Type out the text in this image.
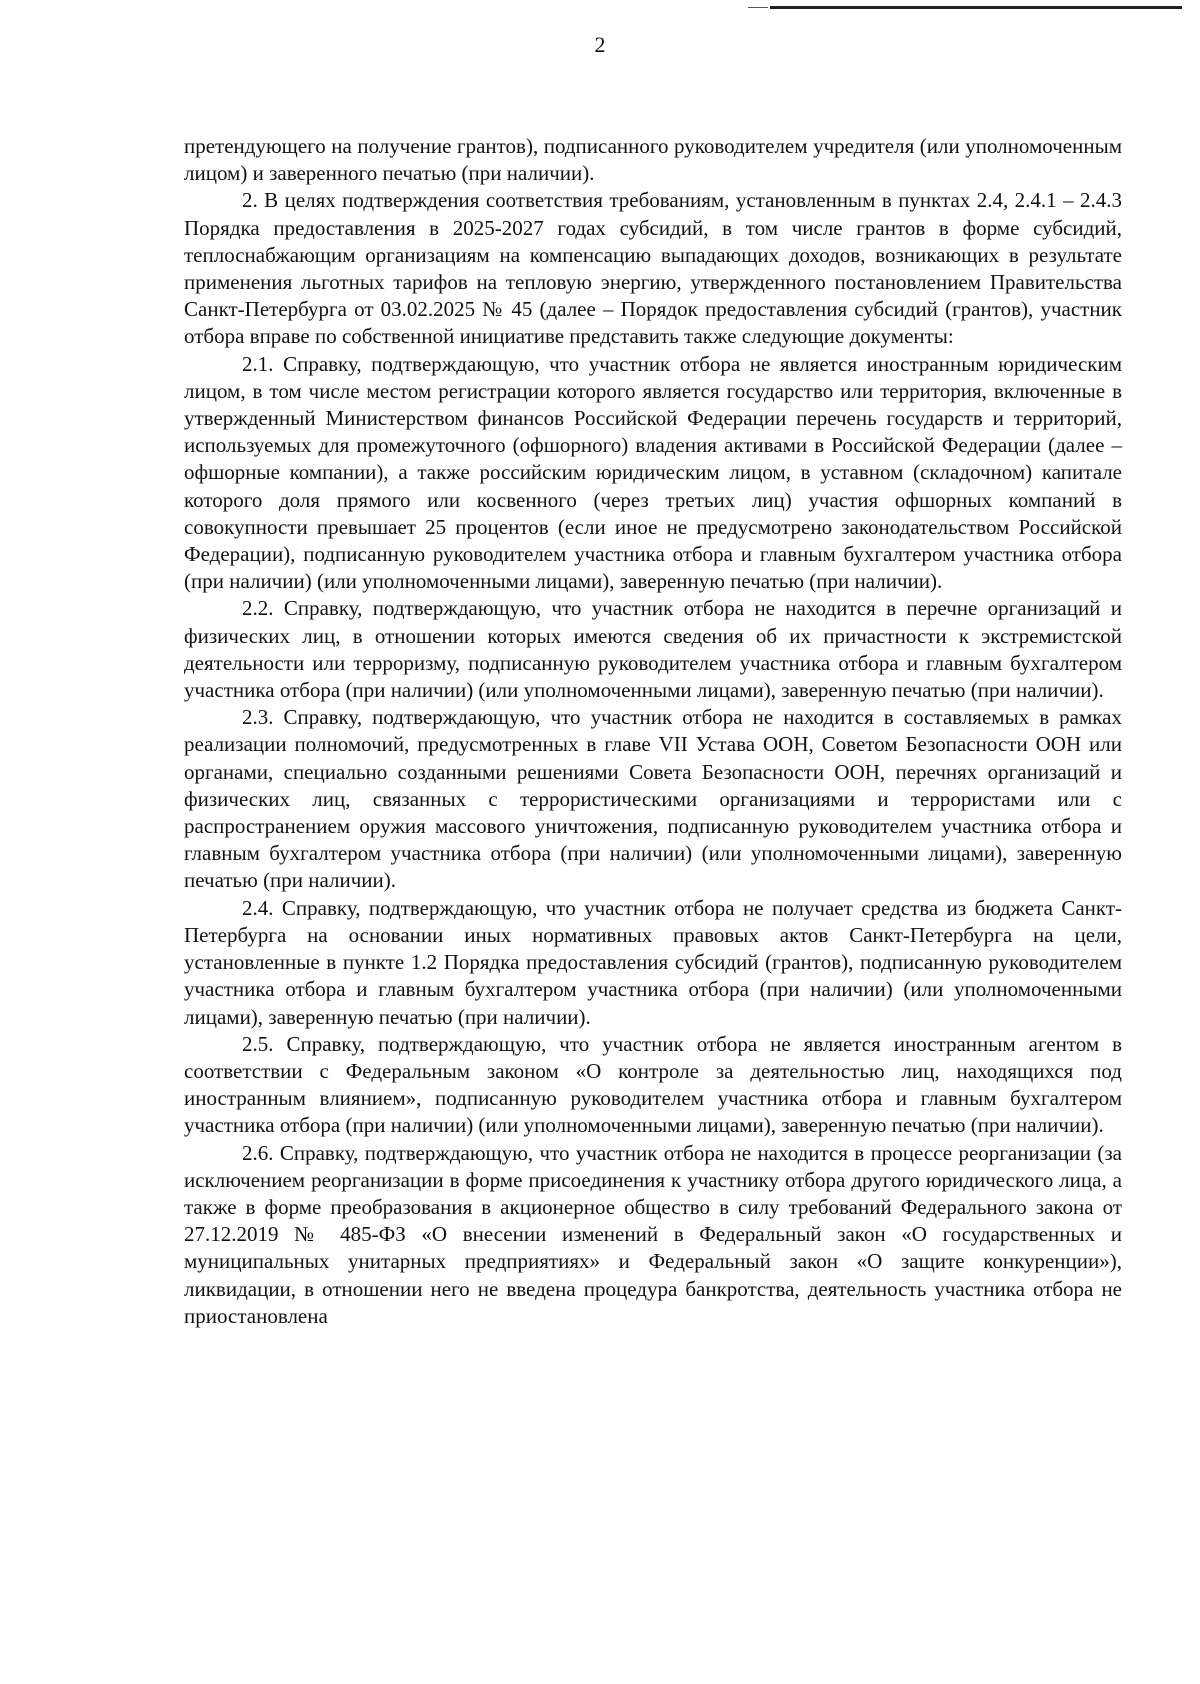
2

претендующего на получение грантов), подписанного руководителем учредителя (или уполномоченным лицом) и заверенного печатью (при наличии).

2. В целях подтверждения соответствия требованиям, установленным в пунктах 2.4, 2.4.1 – 2.4.3 Порядка предоставления в 2025-2027 годах субсидий, в том числе грантов в форме субсидий, теплоснабжающим организациям на компенсацию выпадающих доходов, возникающих в результате применения льготных тарифов на тепловую энергию, утвержденного постановлением Правительства Санкт-Петербурга от 03.02.2025 № 45 (далее – Порядок предоставления субсидий (грантов), участник отбора вправе по собственной инициативе представить также следующие документы:

2.1. Справку, подтверждающую, что участник отбора не является иностранным юридическим лицом, в том числе местом регистрации которого является государство или территория, включенные в утвержденный Министерством финансов Российской Федерации перечень государств и территорий, используемых для промежуточного (офшорного) владения активами в Российской Федерации (далее – офшорные компании), а также российским юридическим лицом, в уставном (складочном) капитале которого доля прямого или косвенного (через третьих лиц) участия офшорных компаний в совокупности превышает 25 процентов (если иное не предусмотрено законодательством Российской Федерации), подписанную руководителем участника отбора и главным бухгалтером участника отбора (при наличии) (или уполномоченными лицами), заверенную печатью (при наличии).

2.2. Справку, подтверждающую, что участник отбора не находится в перечне организаций и физических лиц, в отношении которых имеются сведения об их причастности к экстремистской деятельности или терроризму, подписанную руководителем участника отбора и главным бухгалтером участника отбора (при наличии) (или уполномоченными лицами), заверенную печатью (при наличии).

2.3. Справку, подтверждающую, что участник отбора не находится в составляемых в рамках реализации полномочий, предусмотренных в главе VII Устава ООН, Советом Безопасности ООН или органами, специально созданными решениями Совета Безопасности ООН, перечнях организаций и физических лиц, связанных с террористическими организациями и террористами или с распространением оружия массового уничтожения, подписанную руководителем участника отбора и главным бухгалтером участника отбора (при наличии) (или уполномоченными лицами), заверенную печатью (при наличии).

2.4. Справку, подтверждающую, что участник отбора не получает средства из бюджета Санкт-Петербурга на основании иных нормативных правовых актов Санкт-Петербурга на цели, установленные в пункте 1.2 Порядка предоставления субсидий (грантов), подписанную руководителем участника отбора и главным бухгалтером участника отбора (при наличии) (или уполномоченными лицами), заверенную печатью (при наличии).

2.5. Справку, подтверждающую, что участник отбора не является иностранным агентом в соответствии с Федеральным законом «О контроле за деятельностью лиц, находящихся под иностранным влиянием», подписанную руководителем участника отбора и главным бухгалтером участника отбора (при наличии) (или уполномоченными лицами), заверенную печатью (при наличии).

2.6. Справку, подтверждающую, что участник отбора не находится в процессе реорганизации (за исключением реорганизации в форме присоединения к участнику отбора другого юридического лица, а также в форме преобразования в акционерное общество в силу требований Федерального закона от 27.12.2019 № 485-ФЗ «О внесении изменений в Федеральный закон «О государственных и муниципальных унитарных предприятиях» и Федеральный закон «О защите конкуренции»), ликвидации, в отношении него не введена процедура банкротства, деятельность участника отбора не приостановлена
